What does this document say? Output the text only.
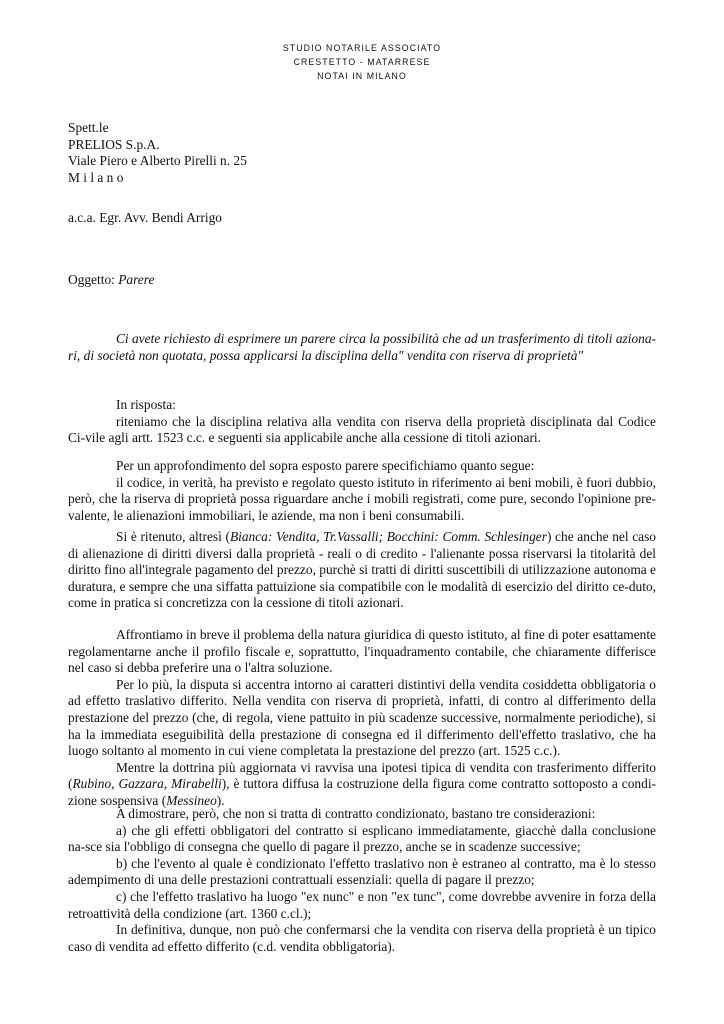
STUDIO NOTARILE ASSOCIATO
CRESTETTO - MATARRESE
NOTAI IN MILANO
Spett.le
PRELIOS S.p.A.
Viale Piero e Alberto Pirelli n. 25
M i l a n o
a.c.a. Egr. Avv. Bendi Arrigo
Oggetto: Parere
Ci avete richiesto di esprimere un parere circa la possibilità che ad un trasferimento di titoli aziona-ri, di società non quotata, possa applicarsi la disciplina della" vendita con riserva di proprietà"
In risposta:
riteniamo che la disciplina relativa alla vendita con riserva della proprietà disciplinata dal Codice Ci-vile agli artt. 1523 c.c. e seguenti sia applicabile anche alla cessione di titoli azionari.
Per un approfondimento del sopra esposto parere specifichiamo quanto segue:
il codice, in verità, ha previsto e regolato questo istituto in riferimento ai beni mobili, è fuori dubbio, però, che la riserva di proprietà possa riguardare anche i mobili registrati, come pure, secondo l'opinione pre-valente, le alienazioni immobiliari, le aziende, ma non i beni consumabili.
Si è ritenuto, altresì (Bianca: Vendita, Tr.Vassalli; Bocchini: Comm. Schlesinger) che anche nel caso di alienazione di diritti diversi dalla proprietà - reali o di credito - l'alienante possa riservarsi la titolarità del diritto fino all'integrale pagamento del prezzo, purchè si tratti di diritti suscettibili di utilizzazione autonoma e duratura, e sempre che una siffatta pattuizione sia compatibile con le modalità di esercizio del diritto ce-duto, come in pratica si concretizza con la cessione di titoli azionari.
Affrontiamo in breve il problema della natura giuridica di questo istituto, al fine di poter esattamente regolamentarne anche il profilo fiscale e, soprattutto, l'inquadramento contabile, che chiaramente differisce nel caso si debba preferire una o l'altra soluzione.
Per lo più, la disputa si accentra intorno ai caratteri distintivi della vendita cosiddetta obbligatoria o ad effetto traslativo differito. Nella vendita con riserva di proprietà, infatti, di contro al differimento della prestazione del prezzo (che, di regola, viene pattuito in più scadenze successive, normalmente periodiche), si ha la immediata eseguibilità della prestazione di consegna ed il differimento dell'effetto traslativo, che ha luogo soltanto al momento in cui viene completata la prestazione del prezzo (art. 1525 c.c.).
Mentre la dottrina più aggiornata vi ravvisa una ipotesi tipica di vendita con trasferimento differito (Rubino, Gazzara, Mirabelli), è tuttora diffusa la costruzione della figura come contratto sottoposto a condi-zione sospensiva (Messineo).
A dimostrare, però, che non si tratta di contratto condizionato, bastano tre considerazioni:
a) che gli effetti obbligatori del contratto si esplicano immediatamente, giacchè dalla conclusione na-sce sia l'obbligo di consegna che quello di pagare il prezzo, anche se in scadenze successive;
b) che l'evento al quale è condizionato l'effetto traslativo non è estraneo al contratto, ma è lo stesso adempimento di una delle prestazioni contrattuali essenziali: quella di pagare il prezzo;
c) che l'effetto traslativo ha luogo "ex nunc" e non "ex tunc", come dovrebbe avvenire in forza della retroattività della condizione (art. 1360 c.cl.);
In definitiva, dunque, non può che confermarsi che la vendita con riserva della proprietà è un tipico caso di vendita ad effetto differito (c.d. vendita obbligatoria).
